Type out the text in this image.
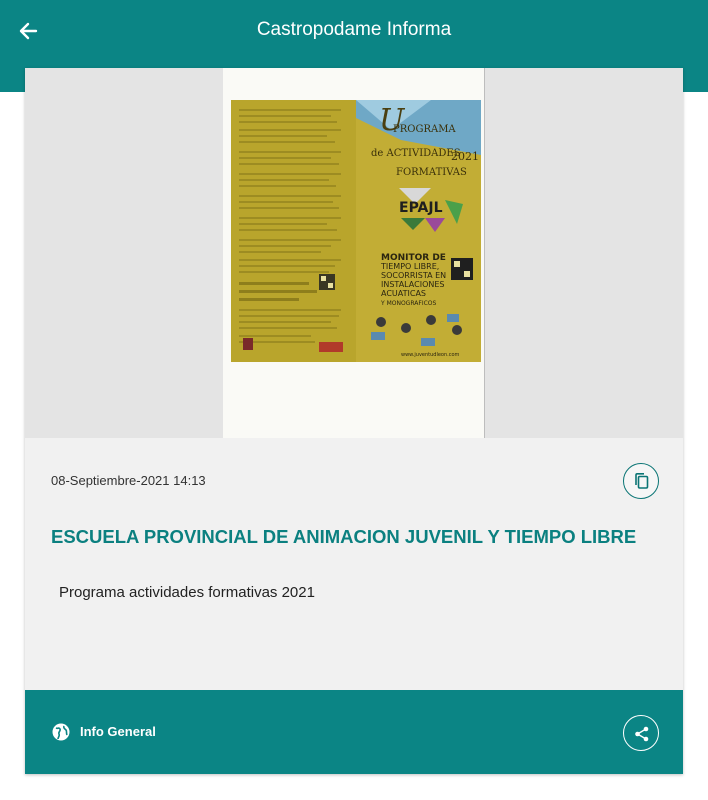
Castropodame Informa
U
PROGRAMA
de ACTIVIDADES
FORMATIVAS
2021
EPAJL
MONITOR DE
TIEMPO LIBRE,
SOCORRISTA EN
INSTALACIONES
ACUATICAS
Y MONOGRAFICOS
www.juventudleon.com
08-Septiembre-2021 14:13
ESCUELA PROVINCIAL DE ANIMACION JUVENIL Y TIEMPO LIBRE
Programa actividades formativas 2021
Info General
